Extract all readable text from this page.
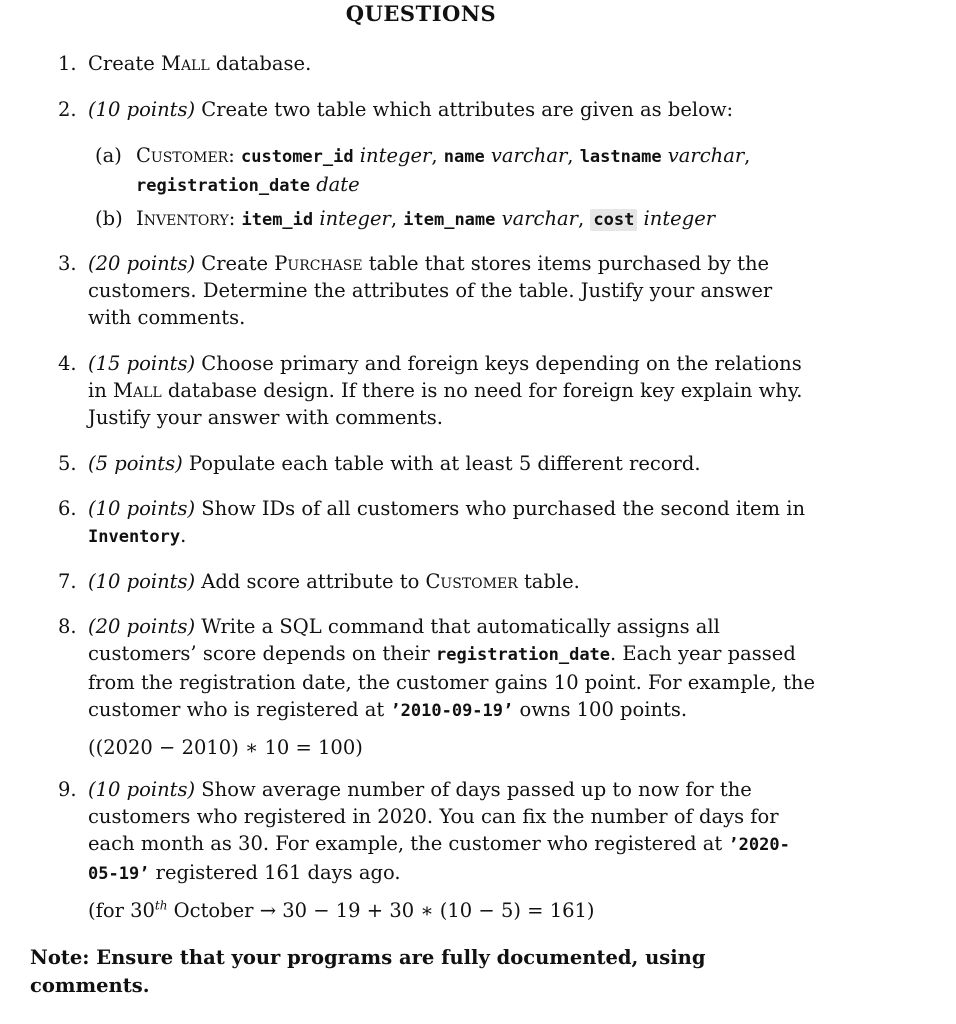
QUESTIONS
1. Create Mall database.
2. (10 points) Create two table which attributes are given as below:
(a) Customer: customer_id integer, name varchar, lastname varchar,
registration_date date
(b) Inventory: item_id integer, item_name varchar, cost integer
3. (20 points) Create Purchase table that stores items purchased by the customers. Determine the attributes of the table. Justify your answer with comments.
4. (15 points) Choose primary and foreign keys depending on the relations in Mall database design. If there is no need for foreign key explain why. Justify your answer with comments.
5. (5 points) Populate each table with at least 5 different record.
6. (10 points) Show IDs of all customers who purchased the second item in Inventory.
7. (10 points) Add score attribute to Customer table.
8. (20 points) Write a SQL command that automatically assigns all customers’ score depends on their registration_date. Each year passed from the registration date, the customer gains 10 point. For example, the customer who is registered at ’2010-09-19’ owns 100 points.
((2020 − 2010) ∗ 10 = 100)
9. (10 points) Show average number of days passed up to now for the customers who registered in 2020. You can fix the number of days for each month as 30. For example, the customer who registered at ’2020-05-19’ registered 161 days ago.
(for 30th October → 30 − 19 + 30 ∗ (10 − 5) = 161)
Note: Ensure that your programs are fully documented, using comments.
